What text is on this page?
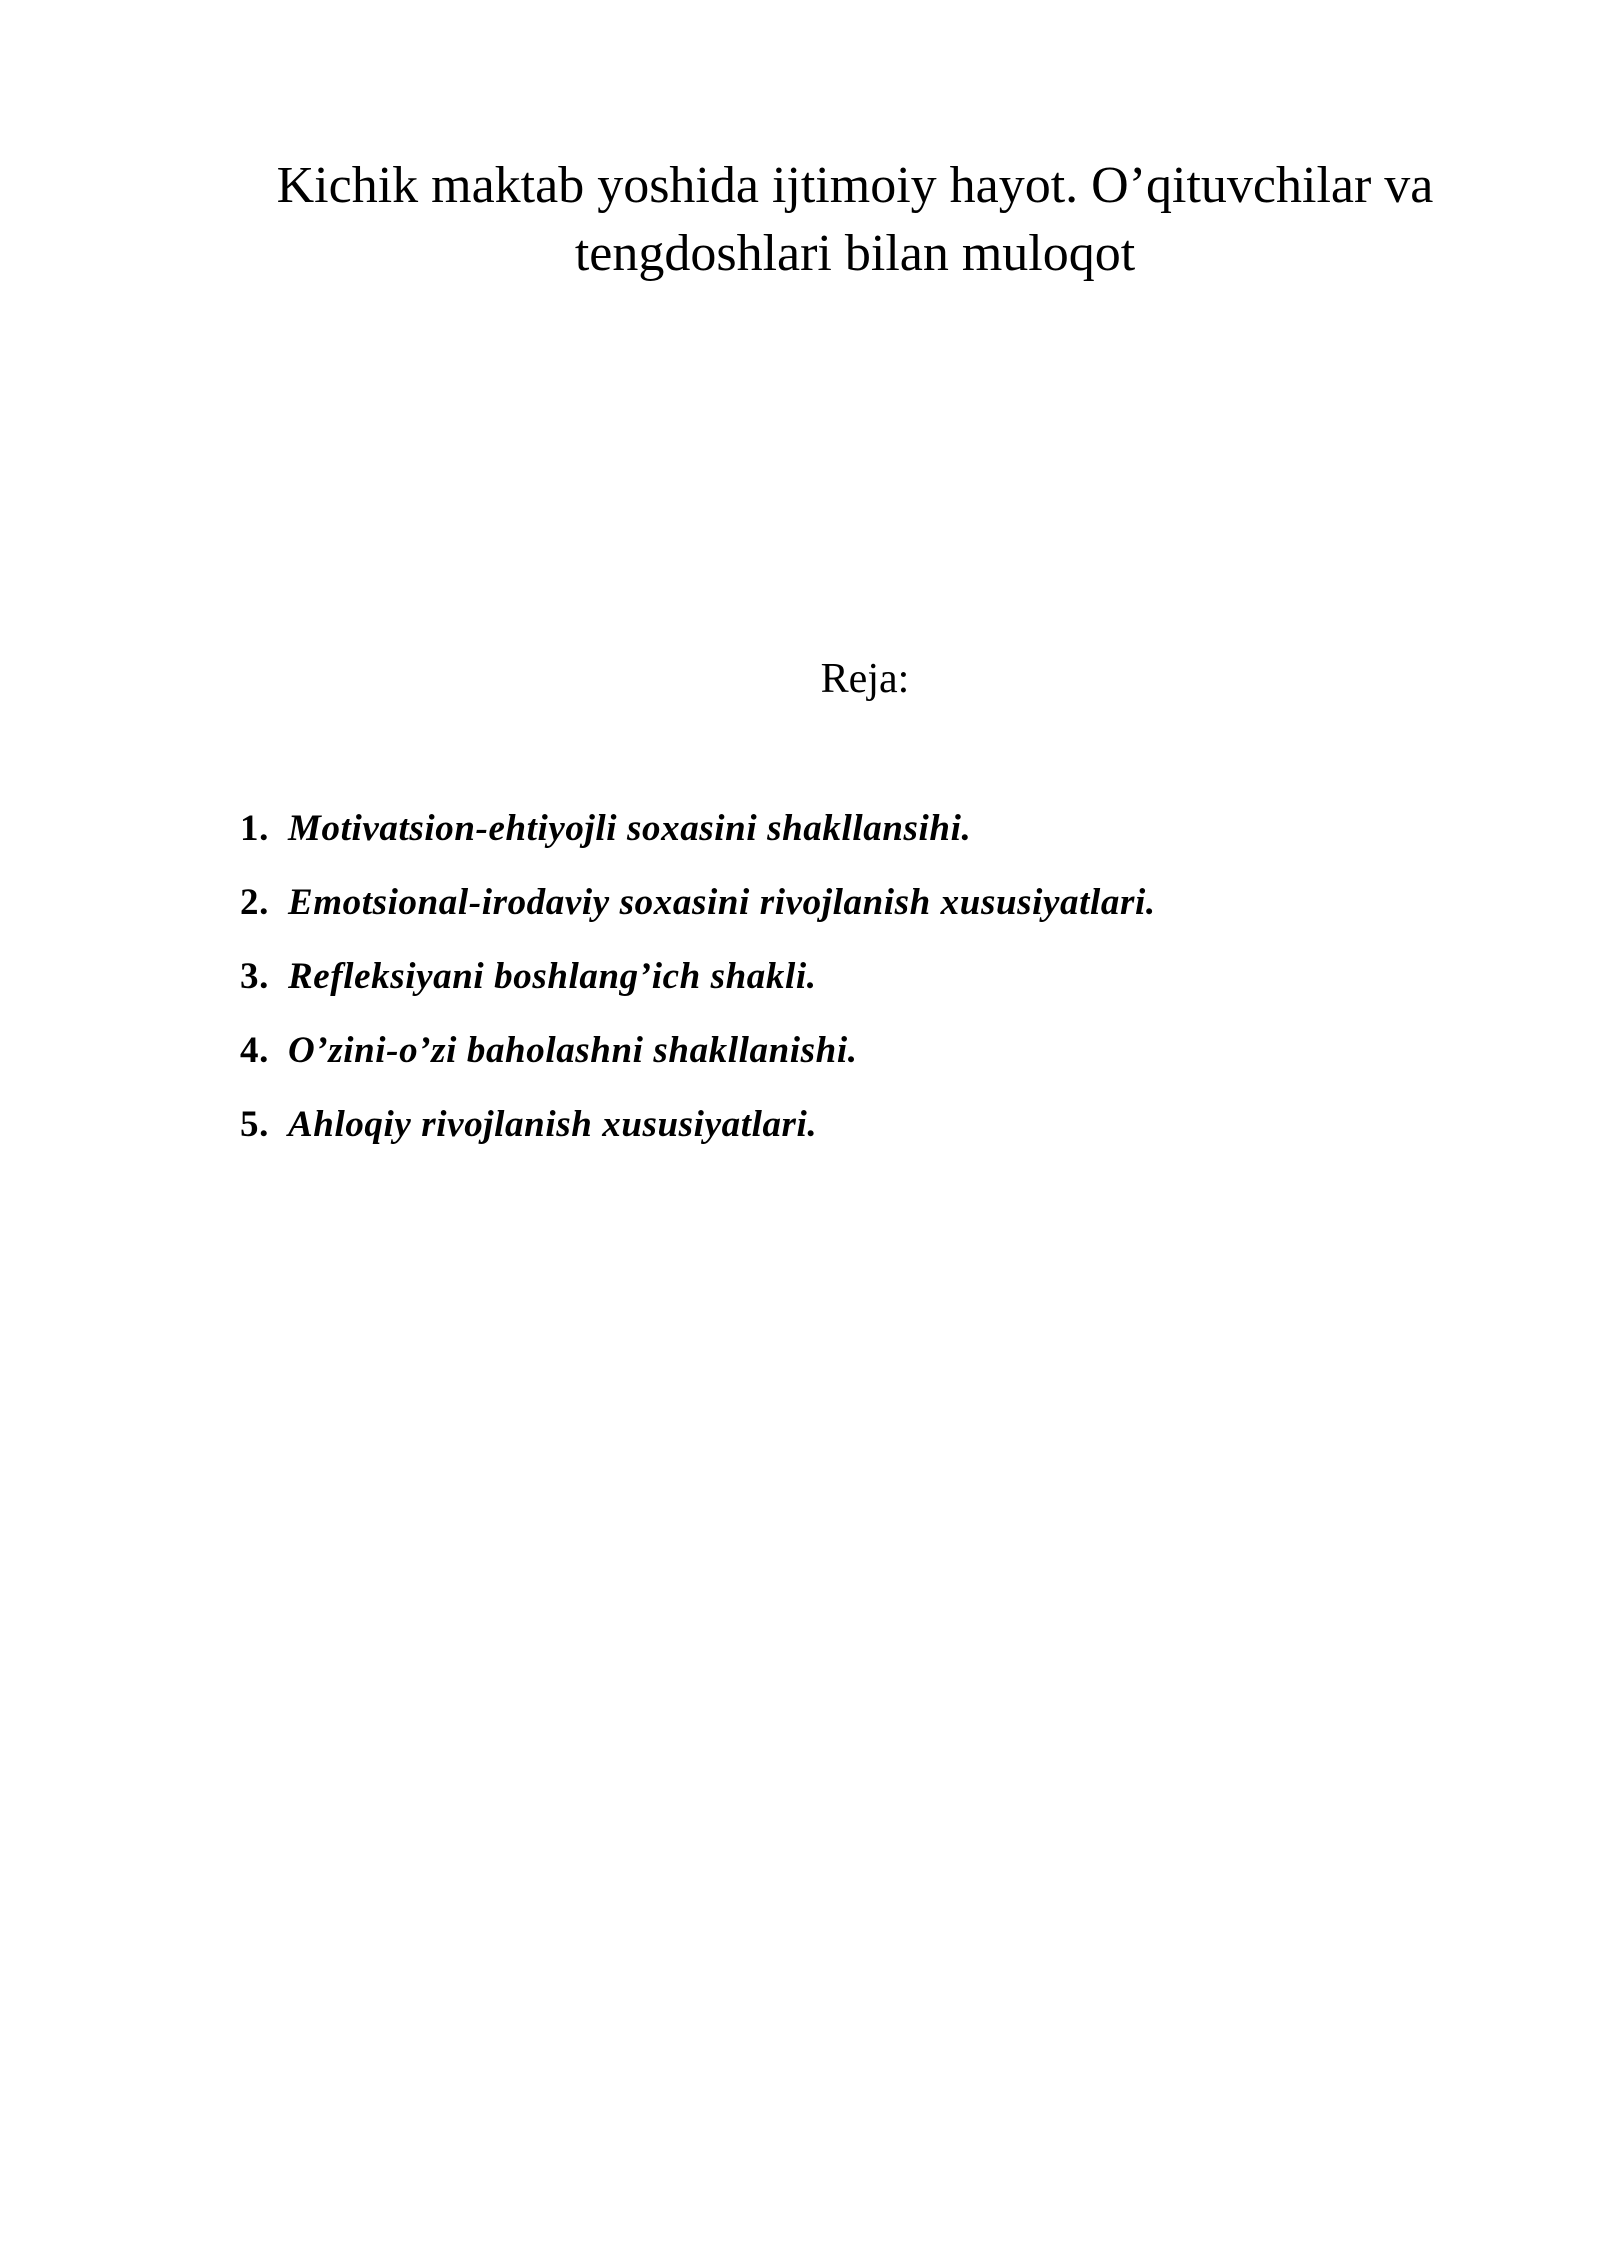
Kichik maktab yoshida ijtimoiy hayot. O’qituvchilar va
tengdoshlari bilan muloqot
Reja:
1. Motivatsion-ehtiyojli soxasini shakllansihi.
2. Emotsional-irodaviy soxasini rivojlanish xususiyatlari.
3. Refleksiyani boshlang’ich shakli.
4. O’zini-o’zi baholashni shakllanishi.
5. Ahloqiy rivojlanish xususiyatlari.
